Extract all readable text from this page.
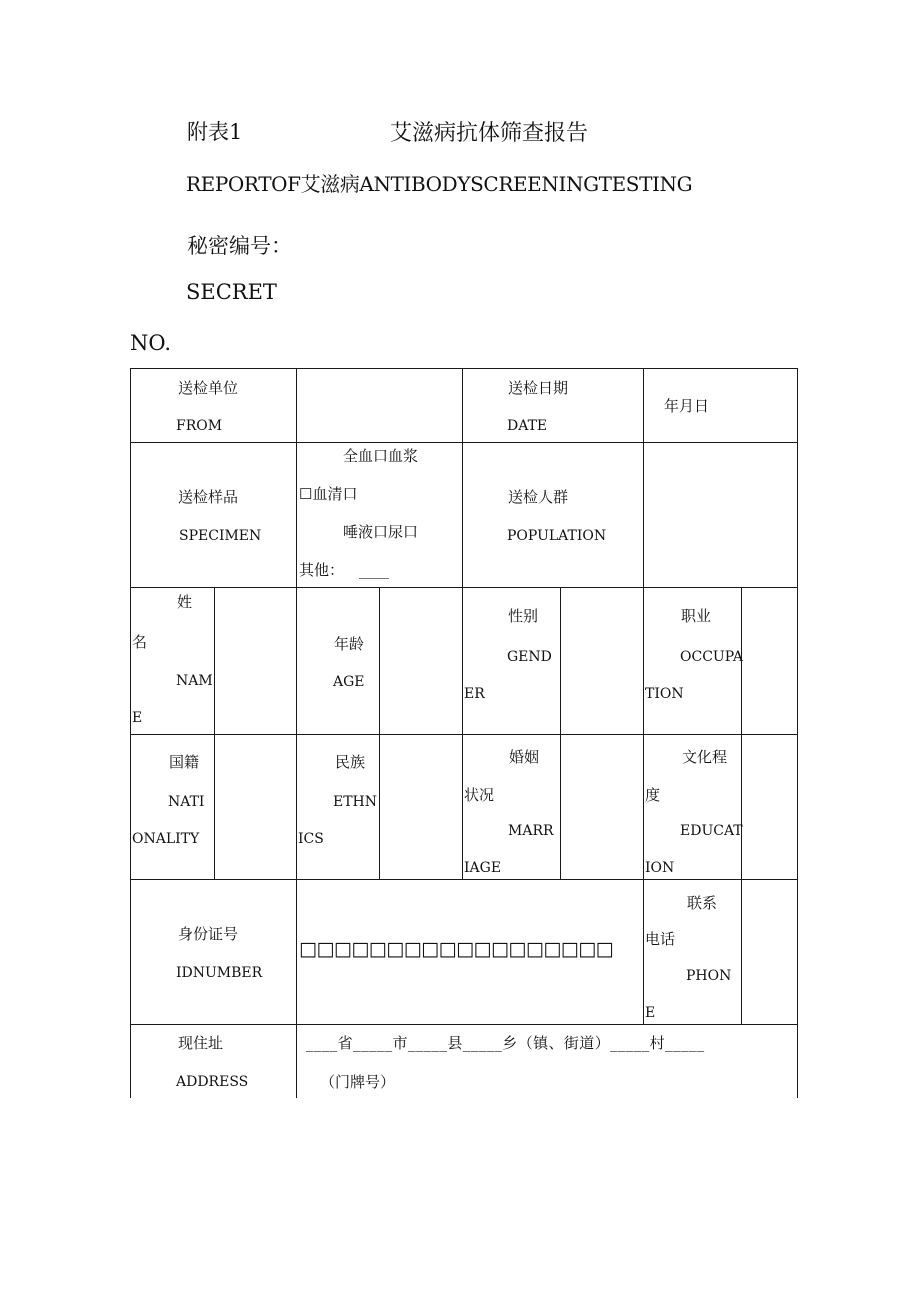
附表1	艾滋病抗体筛查报告
REPORTOF艾滋病ANTIBODYSCREENINGTESTING
秘密编号：
SECRET
NO.
送检单位
FROM
送检日期
DATE
年月日
送检样品
SPECIMEN
全血口血浆
☐血清口
唾液口尿口
其他： ____
送检人群
POPULATION
姓
名
NAM
E
年龄
AGE
性别
GEND
ER
职业
OCCUPA
TION
国籍
NATI
ONALITY
民族
ETHN
ICS
婚姻
状况
MARR
IAGE
文化程
度
EDUCAT
ION
身份证号
IDNUMBER
□□□□□□□□□□□□□□□□□□
联系
电话
PHON
E
现住址
ADDRESS
____省_____市_____县_____乡（镇、街道）_____村_____
（门牌号）
